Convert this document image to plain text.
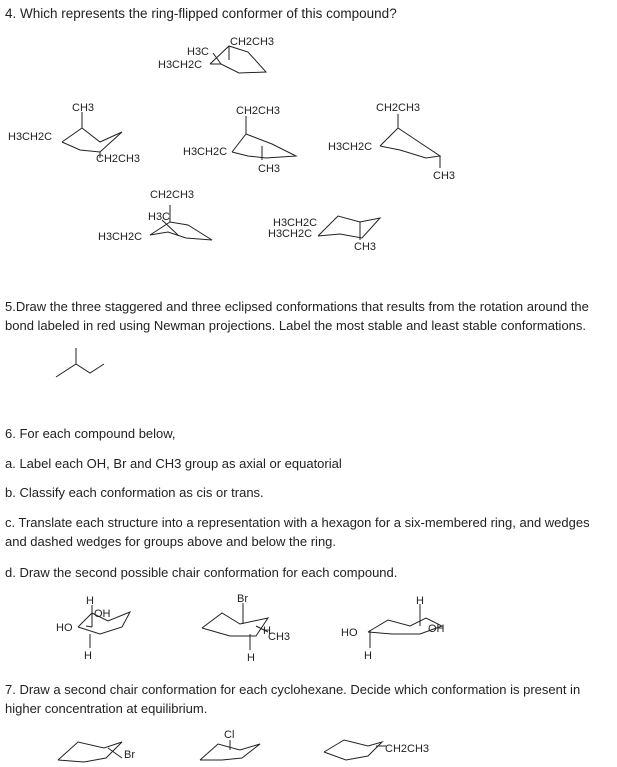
4. Which represents the ring-flipped conformer of this compound?
5.Draw the three staggered and three eclipsed conformations that results from the rotation around the bond labeled in red using Newman projections. Label the most stable and least stable conformations.
6. For each compound below,
a. Label each OH, Br and CH3 group as axial or equatorial
b. Classify each conformation as cis or trans.
c. Translate each structure into a representation with a hexagon for a six-membered ring, and wedges and dashed wedges for groups above and below the ring.
d. Draw the second possible chair conformation for each compound.
7. Draw a second chair conformation for each cyclohexane. Decide which conformation is present in higher concentration at equilibrium.
CH2CH3
H3C
H3CH2C
CH3
H3CH2C
CH2CH3
CH2CH3
H3CH2C
CH3
CH2CH3
H3CH2C
CH3
CH2CH3
H3C
H3CH2C
H3CH2C
H3CH2C
CH3
H
OH
HO
H
Br
H
CH3
H
H
HO	OH
H
Br
Cl
CH2CH3
